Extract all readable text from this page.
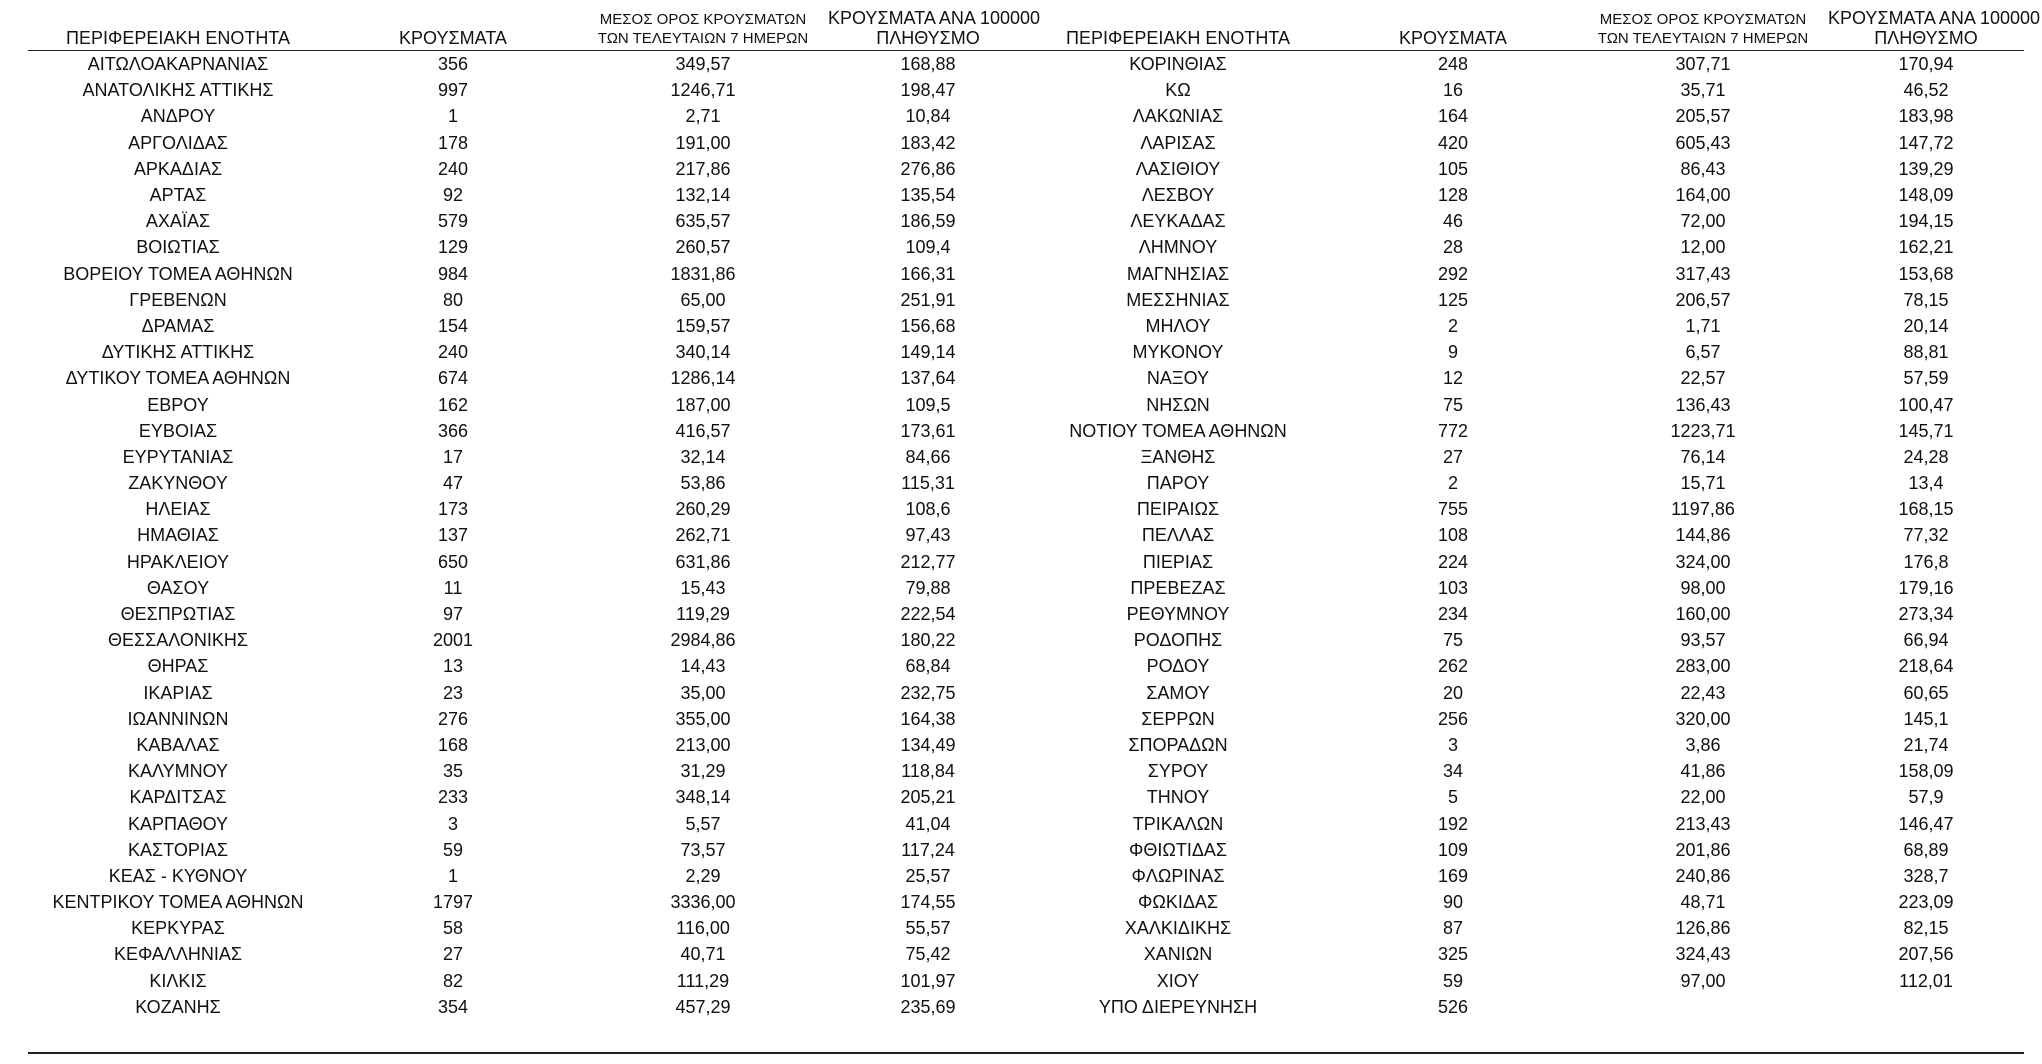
ΠΕΡΙΦΕΡΕΙΑΚΗ ΕΝΟΤΗΤΑ	ΚΡΟΥΣΜΑΤΑ	ΜΕΣΟΣ ΟΡΟΣ ΚΡΟΥΣΜΑΤΩΝ
ΤΩΝ ΤΕΛΕΥΤΑΙΩΝ 7 ΗΜΕΡΩΝ	ΚΡΟΥΣΜΑΤΑ ΑΝΑ 100000
ΠΛΗΘΥΣΜΟ	ΠΕΡΙΦΕΡΕΙΑΚΗ ΕΝΟΤΗΤΑ	ΚΡΟΥΣΜΑΤΑ	ΜΕΣΟΣ ΟΡΟΣ ΚΡΟΥΣΜΑΤΩΝ
ΤΩΝ ΤΕΛΕΥΤΑΙΩΝ 7 ΗΜΕΡΩΝ	ΚΡΟΥΣΜΑΤΑ ΑΝΑ 100000
ΠΛΗΘΥΣΜΟ

ΑΙΤΩΛΟΑΚΑΡΝΑΝΙΑΣ	356	349,57	168,88	ΚΟΡΙΝΘΙΑΣ	248	307,71	170,94
ΑΝΑΤΟΛΙΚΗΣ ΑΤΤΙΚΗΣ	997	1246,71	198,47	ΚΩ	16	35,71	46,52
ΑΝΔΡΟΥ	1	2,71	10,84	ΛΑΚΩΝΙΑΣ	164	205,57	183,98
ΑΡΓΟΛΙΔΑΣ	178	191,00	183,42	ΛΑΡΙΣΑΣ	420	605,43	147,72
ΑΡΚΑΔΙΑΣ	240	217,86	276,86	ΛΑΣΙΘΙΟΥ	105	86,43	139,29
ΑΡΤΑΣ	92	132,14	135,54	ΛΕΣΒΟΥ	128	164,00	148,09
ΑΧΑΪΑΣ	579	635,57	186,59	ΛΕΥΚΑΔΑΣ	46	72,00	194,15
ΒΟΙΩΤΙΑΣ	129	260,57	109,4	ΛΗΜΝΟΥ	28	12,00	162,21
ΒΟΡΕΙΟΥ ΤΟΜΕΑ ΑΘΗΝΩΝ	984	1831,86	166,31	ΜΑΓΝΗΣΙΑΣ	292	317,43	153,68
ΓΡΕΒΕΝΩΝ	80	65,00	251,91	ΜΕΣΣΗΝΙΑΣ	125	206,57	78,15
ΔΡΑΜΑΣ	154	159,57	156,68	ΜΗΛΟΥ	2	1,71	20,14
ΔΥΤΙΚΗΣ ΑΤΤΙΚΗΣ	240	340,14	149,14	ΜΥΚΟΝΟΥ	9	6,57	88,81
ΔΥΤΙΚΟΥ ΤΟΜΕΑ ΑΘΗΝΩΝ	674	1286,14	137,64	ΝΑΞΟΥ	12	22,57	57,59
ΕΒΡΟΥ	162	187,00	109,5	ΝΗΣΩΝ	75	136,43	100,47
ΕΥΒΟΙΑΣ	366	416,57	173,61	ΝΟΤΙΟΥ ΤΟΜΕΑ ΑΘΗΝΩΝ	772	1223,71	145,71
ΕΥΡΥΤΑΝΙΑΣ	17	32,14	84,66	ΞΑΝΘΗΣ	27	76,14	24,28
ΖΑΚΥΝΘΟΥ	47	53,86	115,31	ΠΑΡΟΥ	2	15,71	13,4
ΗΛΕΙΑΣ	173	260,29	108,6	ΠΕΙΡΑΙΩΣ	755	1197,86	168,15
ΗΜΑΘΙΑΣ	137	262,71	97,43	ΠΕΛΛΑΣ	108	144,86	77,32
ΗΡΑΚΛΕΙΟΥ	650	631,86	212,77	ΠΙΕΡΙΑΣ	224	324,00	176,8
ΘΑΣΟΥ	11	15,43	79,88	ΠΡΕΒΕΖΑΣ	103	98,00	179,16
ΘΕΣΠΡΩΤΙΑΣ	97	119,29	222,54	ΡΕΘΥΜΝΟΥ	234	160,00	273,34
ΘΕΣΣΑΛΟΝΙΚΗΣ	2001	2984,86	180,22	ΡΟΔΟΠΗΣ	75	93,57	66,94
ΘΗΡΑΣ	13	14,43	68,84	ΡΟΔΟΥ	262	283,00	218,64
ΙΚΑΡΙΑΣ	23	35,00	232,75	ΣΑΜΟΥ	20	22,43	60,65
ΙΩΑΝΝΙΝΩΝ	276	355,00	164,38	ΣΕΡΡΩΝ	256	320,00	145,1
ΚΑΒΑΛΑΣ	168	213,00	134,49	ΣΠΟΡΑΔΩΝ	3	3,86	21,74
ΚΑΛΥΜΝΟΥ	35	31,29	118,84	ΣΥΡΟΥ	34	41,86	158,09
ΚΑΡΔΙΤΣΑΣ	233	348,14	205,21	ΤΗΝΟΥ	5	22,00	57,9
ΚΑΡΠΑΘΟΥ	3	5,57	41,04	ΤΡΙΚΑΛΩΝ	192	213,43	146,47
ΚΑΣΤΟΡΙΑΣ	59	73,57	117,24	ΦΘΙΩΤΙΔΑΣ	109	201,86	68,89
ΚΕΑΣ - ΚΥΘΝΟΥ	1	2,29	25,57	ΦΛΩΡΙΝΑΣ	169	240,86	328,7
ΚΕΝΤΡΙΚΟΥ ΤΟΜΕΑ ΑΘΗΝΩΝ	1797	3336,00	174,55	ΦΩΚΙΔΑΣ	90	48,71	223,09
ΚΕΡΚΥΡΑΣ	58	116,00	55,57	ΧΑΛΚΙΔΙΚΗΣ	87	126,86	82,15
ΚΕΦΑΛΛΗΝΙΑΣ	27	40,71	75,42	ΧΑΝΙΩΝ	325	324,43	207,56
ΚΙΛΚΙΣ	82	111,29	101,97	ΧΙΟΥ	59	97,00	112,01
ΚΟΖΑΝΗΣ	354	457,29	235,69	ΥΠΟ ΔΙΕΡΕΥΝΗΣΗ	526		
